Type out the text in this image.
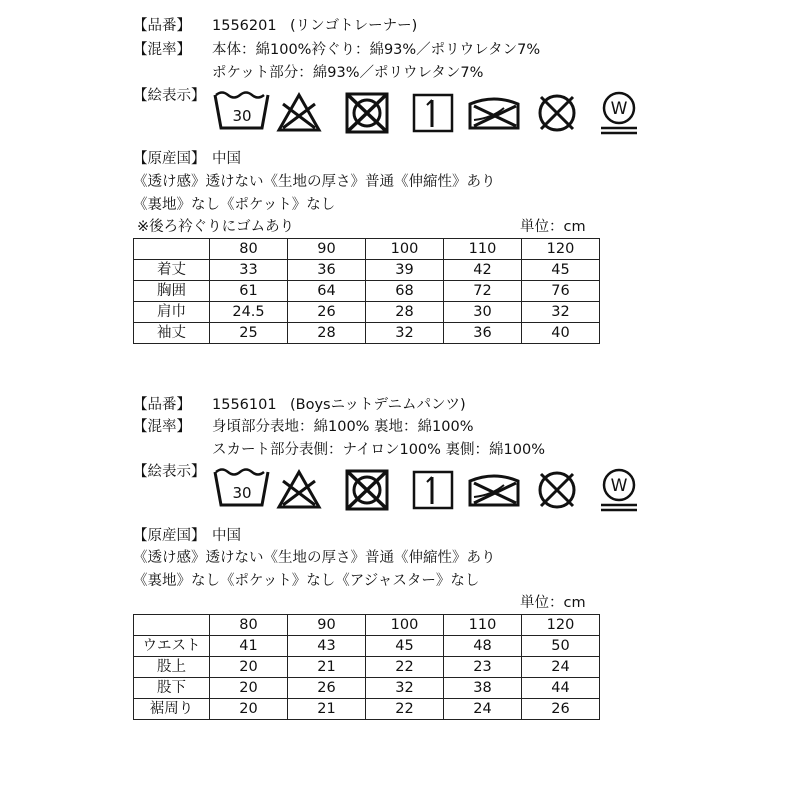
【品番】 1556201 (リンゴトレーナー)
【混率】 本体：綿100%衿ぐり：綿93%／ポリウレタン7%
ポケット部分：綿93%／ポリウレタン7%
【絵表示】
30	W
【原産国】 中国
《透け感》透けない《生地の厚さ》普通《伸縮性》あり
《裏地》なし《ポケット》なし
※後ろ衿ぐりにゴムあり	単位：cm
	80	90	100	110	120
着丈	33	36	39	42	45
胸囲	61	64	68	72	76
肩巾	24.5	26	28	30	32
袖丈	25	28	32	36	40
【品番】 1556101 (Boysニットデニムパンツ)
【混率】 身頃部分表地：綿100% 裏地：綿100%
スカート部分表側：ナイロン100% 裏側：綿100%
【絵表示】
30	W
【原産国】 中国
《透け感》透けない《生地の厚さ》普通《伸縮性》あり
《裏地》なし《ポケット》なし《アジャスター》なし
単位：cm
	80	90	100	110	120
ウエスト	41	43	45	48	50
股上	20	21	22	23	24
股下	20	26	32	38	44
裾周り	20	21	22	24	26
